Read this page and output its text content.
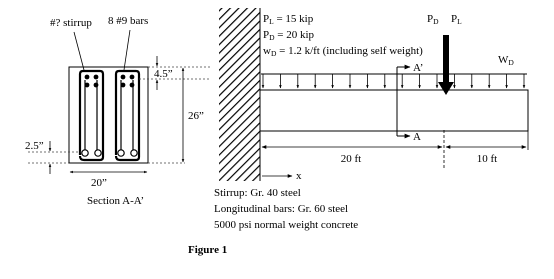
#? stirrup 8 #9 bars
4.5”
26”
2.5”
20”
Section A-A’
PL = 15 kip
PD = 20 kip
wD = 1.2 k/ft (including self weight)
PD PL
WD
A’
A
20 ft	10 ft
x
Stirrup: Gr. 40 steel
Longitudinal bars: Gr. 60 steel
5000 psi normal weight concrete
Figure 1
